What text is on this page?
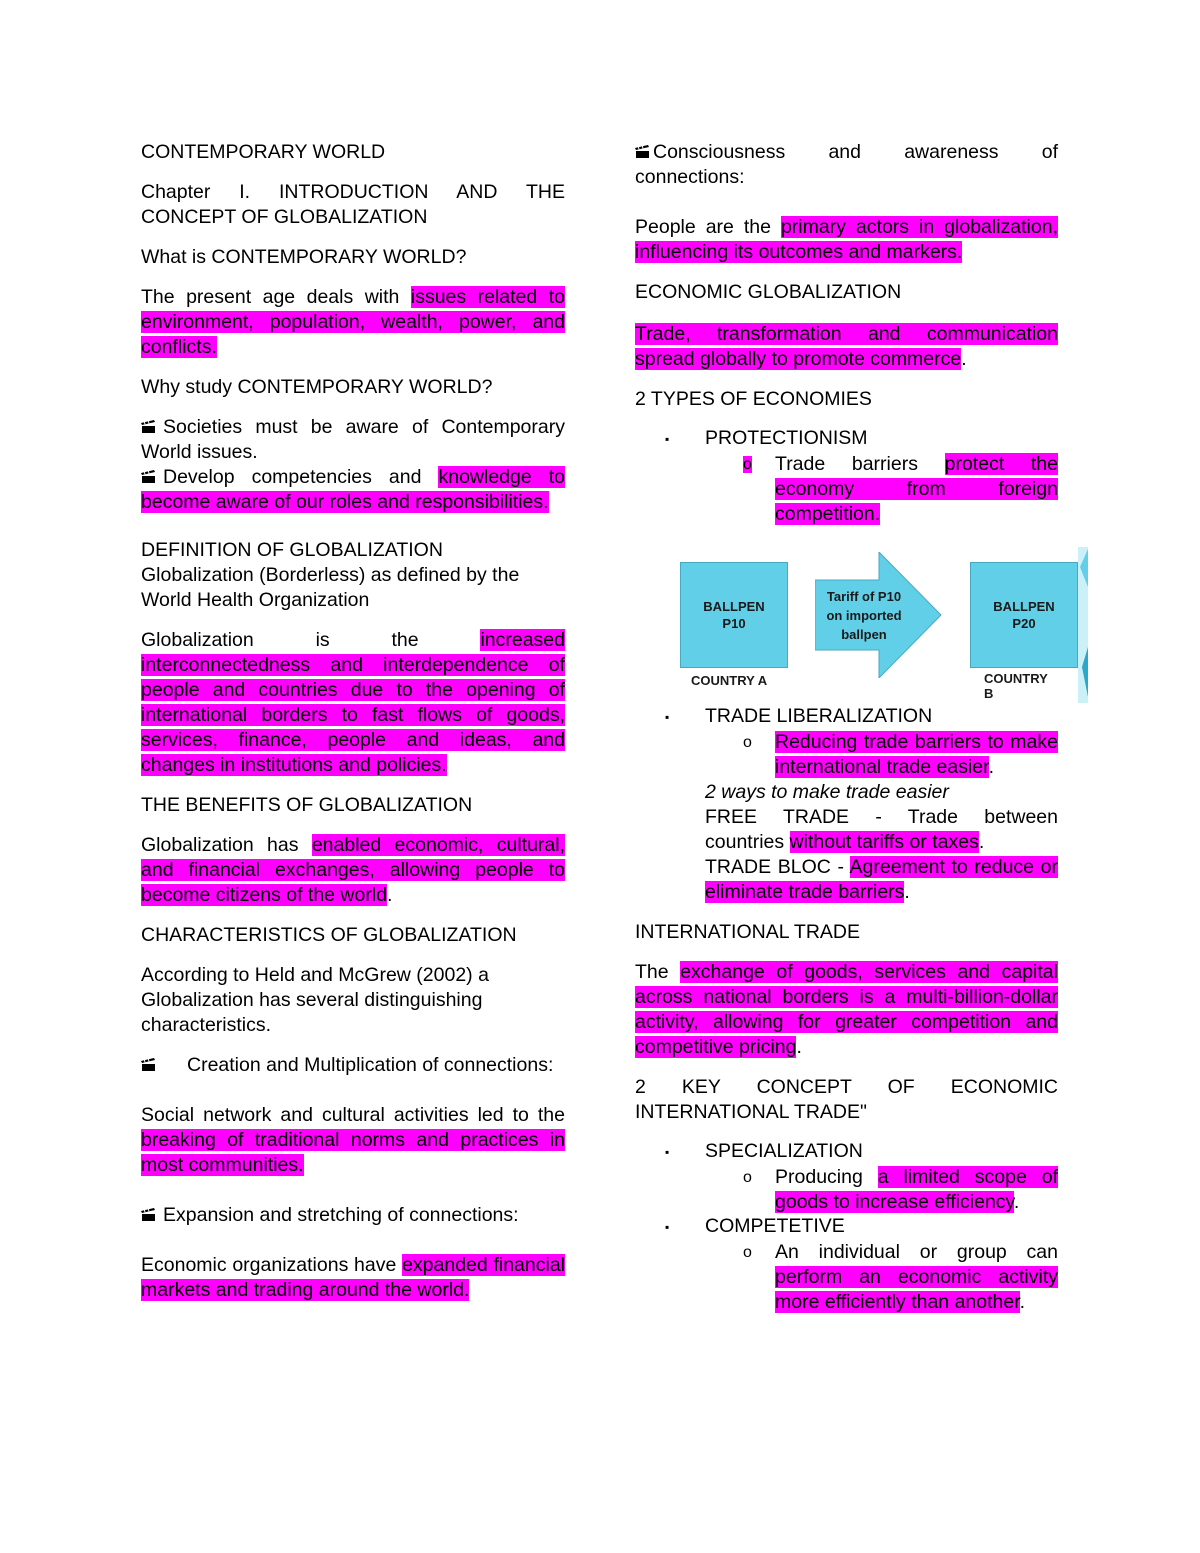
CONTEMPORARY WORLD

Chapter I. INTRODUCTION AND THE CONCEPT OF GLOBALIZATION

What is CONTEMPORARY WORLD?

The present age deals with issues related to environment, population, wealth, power, and conflicts.

Why study CONTEMPORARY WORLD?

Societies must be aware of Contemporary World issues.

Develop competencies and knowledge to become aware of our roles and responsibilities.

DEFINITION OF GLOBALIZATION

Globalization (Borderless) as defined by the World Health Organization

Globalization is the increased interconnectedness and interdependence of people and countries due to the opening of international borders to fast flows of goods, services, finance, people and ideas, and changes in institutions and policies.

THE BENEFITS OF GLOBALIZATION

Globalization has enabled economic, cultural, and financial exchanges, allowing people to become citizens of the world.

CHARACTERISTICS OF GLOBALIZATION

According to Held and McGrew (2002) a Globalization has several distinguishing characteristics.

Creation and Multiplication of connections:

Social network and cultural activities led to the breaking of traditional norms and practices in most communities.

Expansion and stretching of connections:

Economic organizations have expanded financial markets and trading around the world.

Consciousness and awareness of connections:

People are the primary actors in globalization, influencing its outcomes and markers.

ECONOMIC GLOBALIZATION

Trade, transformation and communication spread globally to promote commerce.

2 TYPES OF ECONOMIES

▪	PROTECTIONISM
o	Trade barriers protect the economy from foreign competition.

BALLPEN
P10
Tariff of P10
on imported
ballpen
BALLPEN
P20
COUNTRY A	COUNTRY B
▪	TRADE LIBERALIZATION
o	Reducing trade barriers to make international trade easier.

2 ways to make trade easier

FREE TRADE - Trade between countries without tariffs or taxes.

TRADE BLOC - Agreement to reduce or eliminate trade barriers.

INTERNATIONAL TRADE

The exchange of goods, services and capital across national borders is a multi-billion-dollar activity, allowing for greater competition and competitive pricing.

2 KEY CONCEPT OF ECONOMIC INTERNATIONAL TRADE"

▪	SPECIALIZATION
o	Producing a limited scope of goods to increase efficiency.

▪	COMPETETIVE
o	An individual or group can perform an economic activity more efficiently than another.
